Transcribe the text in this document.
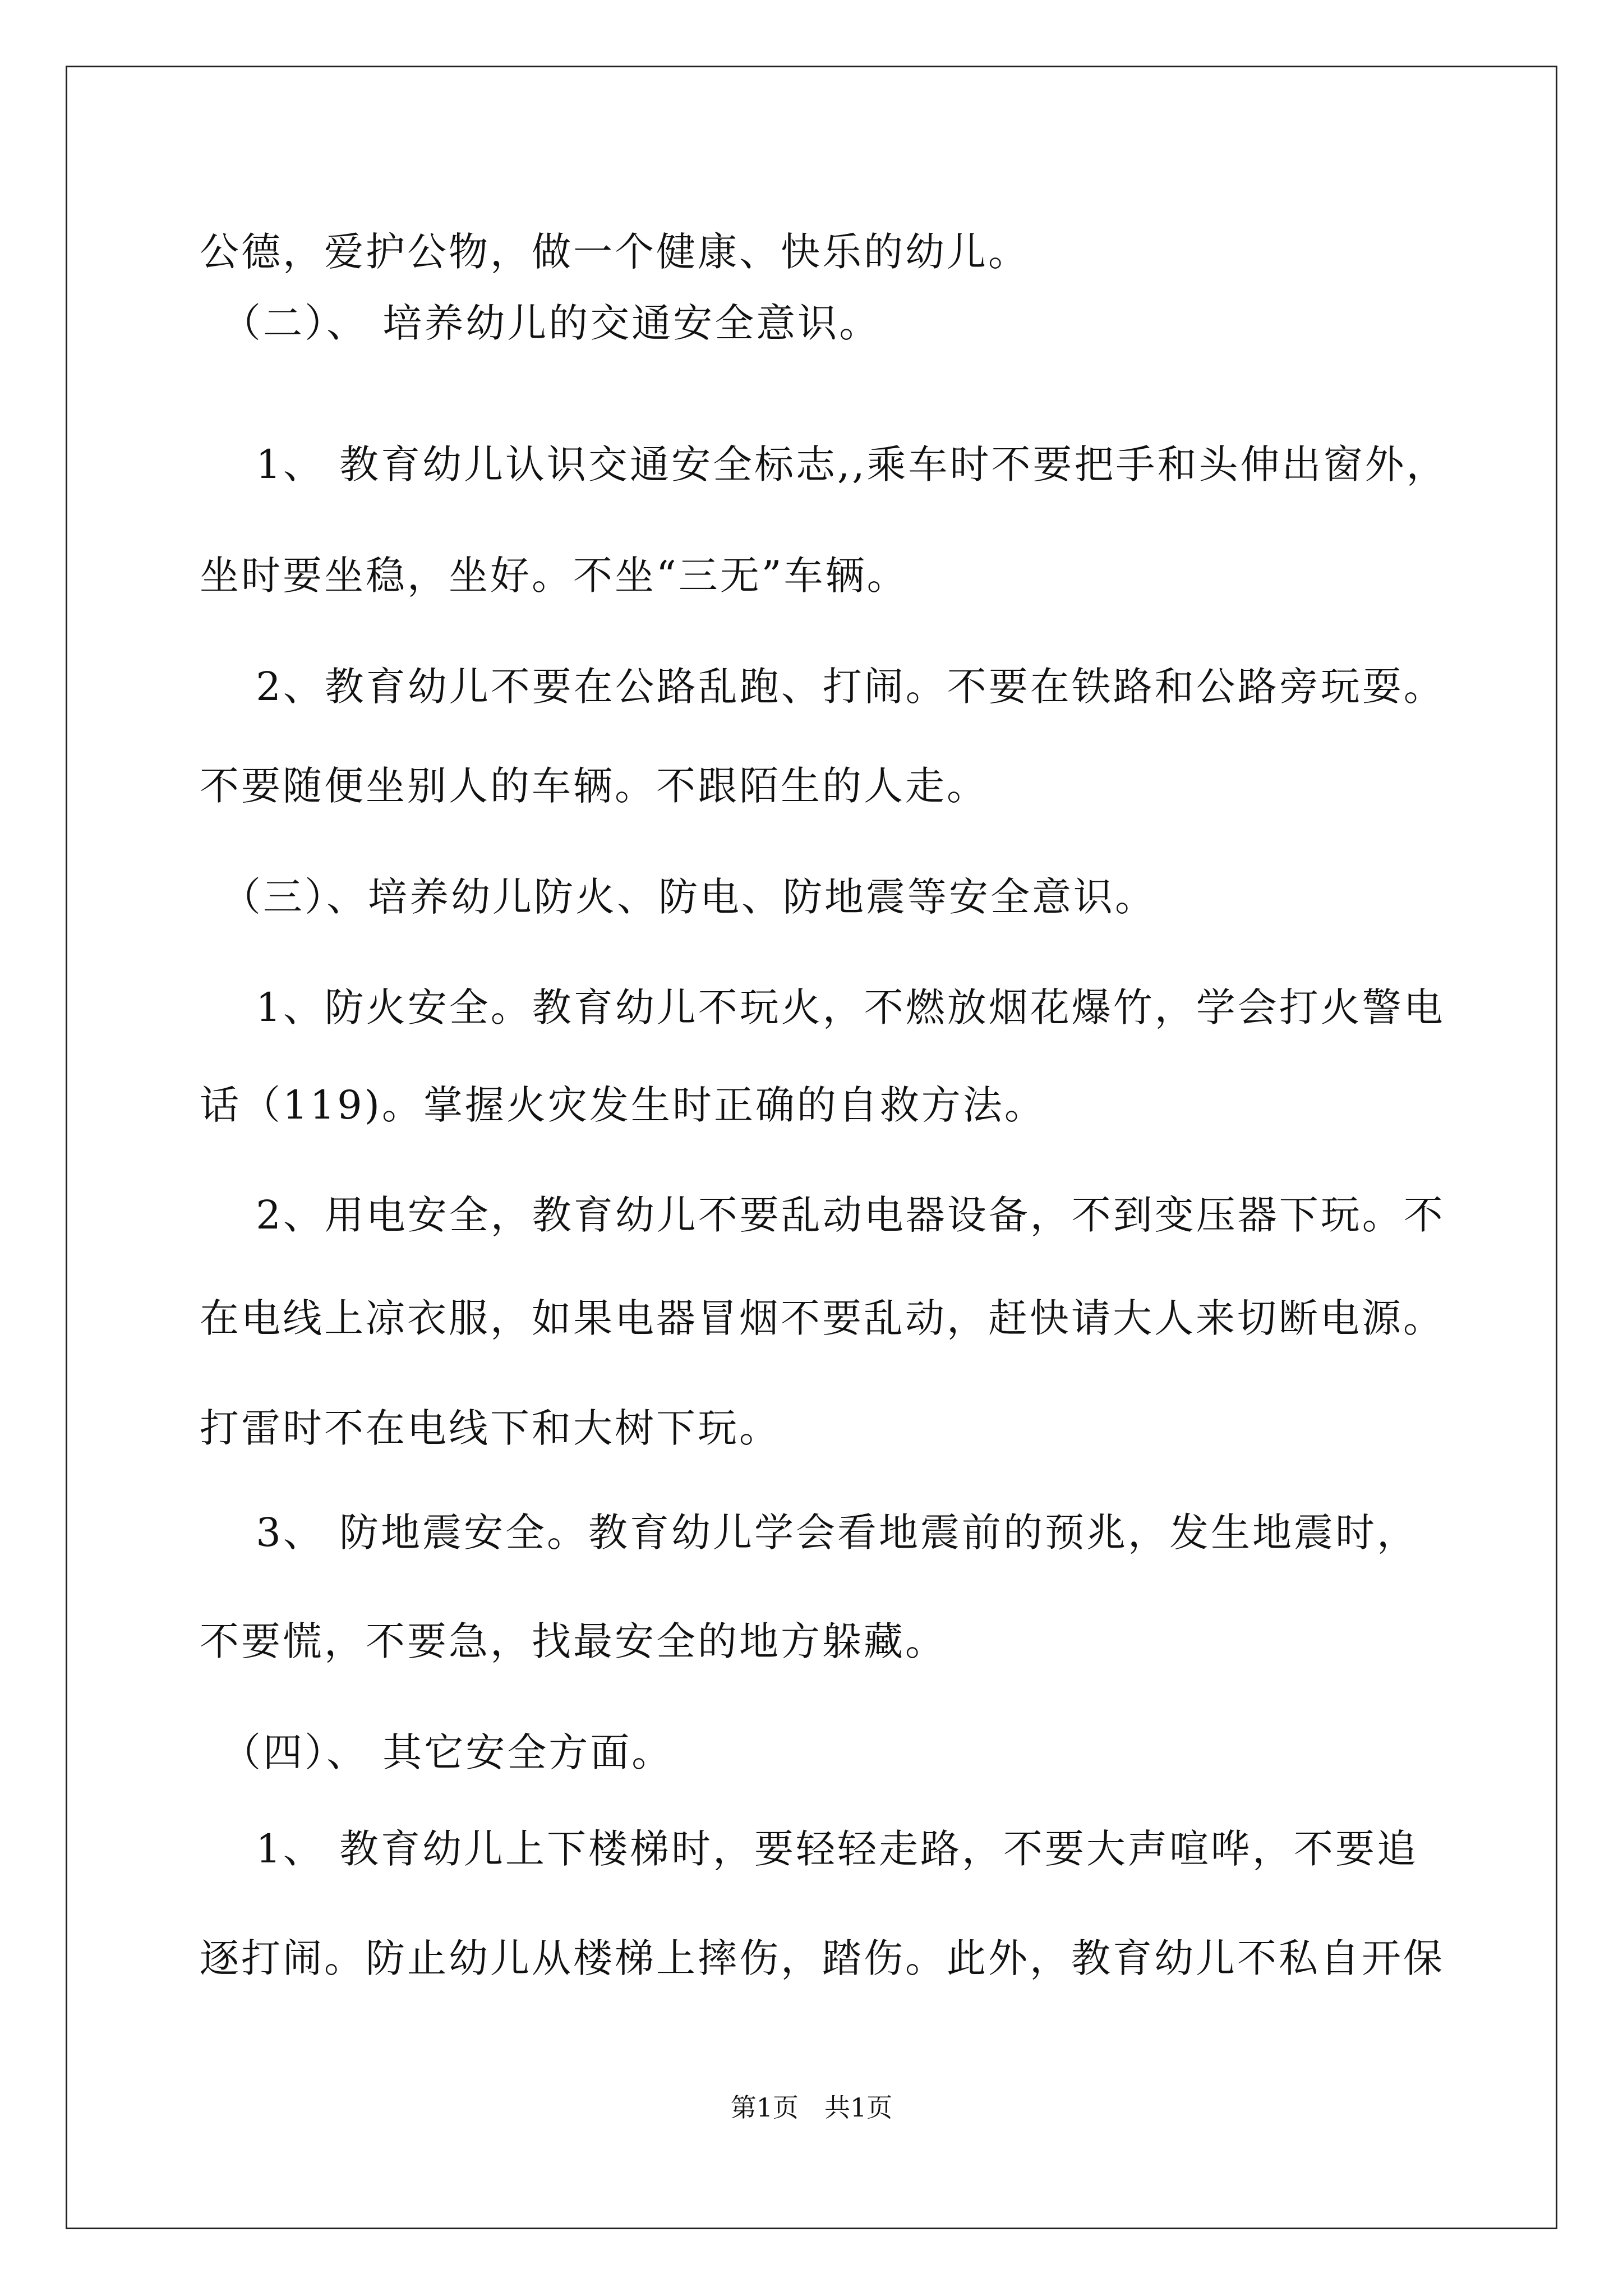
公德，爱护公物，做一个健康、快乐的幼儿。
　（二）、 培养幼儿的交通安全意识。
　 1、 教育幼儿认识交通安全标志,,乘车时不要把手和头伸出窗外，
坐时要坐稳，坐好。不坐“三无”车辆。
　 2、教育幼儿不要在公路乱跑、打闹。不要在铁路和公路旁玩耍。
不要随便坐别人的车辆。不跟陌生的人走。
　（三）、培养幼儿防火、防电、防地震等安全意识。
　 1、防火安全。教育幼儿不玩火，不燃放烟花爆竹，学会打火警电
话（119)。掌握火灾发生时正确的自救方法。
　 2、用电安全，教育幼儿不要乱动电器设备，不到变压器下玩。不
在电线上凉衣服，如果电器冒烟不要乱动，赶快请大人来切断电源。
打雷时不在电线下和大树下玩。
　 3、 防地震安全。教育幼儿学会看地震前的预兆，发生地震时，
不要慌，不要急，找最安全的地方躲藏。
　（四）、 其它安全方面。
　 1、 教育幼儿上下楼梯时，要轻轻走路，不要大声喧哗，不要追
逐打闹。防止幼儿从楼梯上摔伤，踏伤。此外，教育幼儿不私自开保
第1页　共1页
